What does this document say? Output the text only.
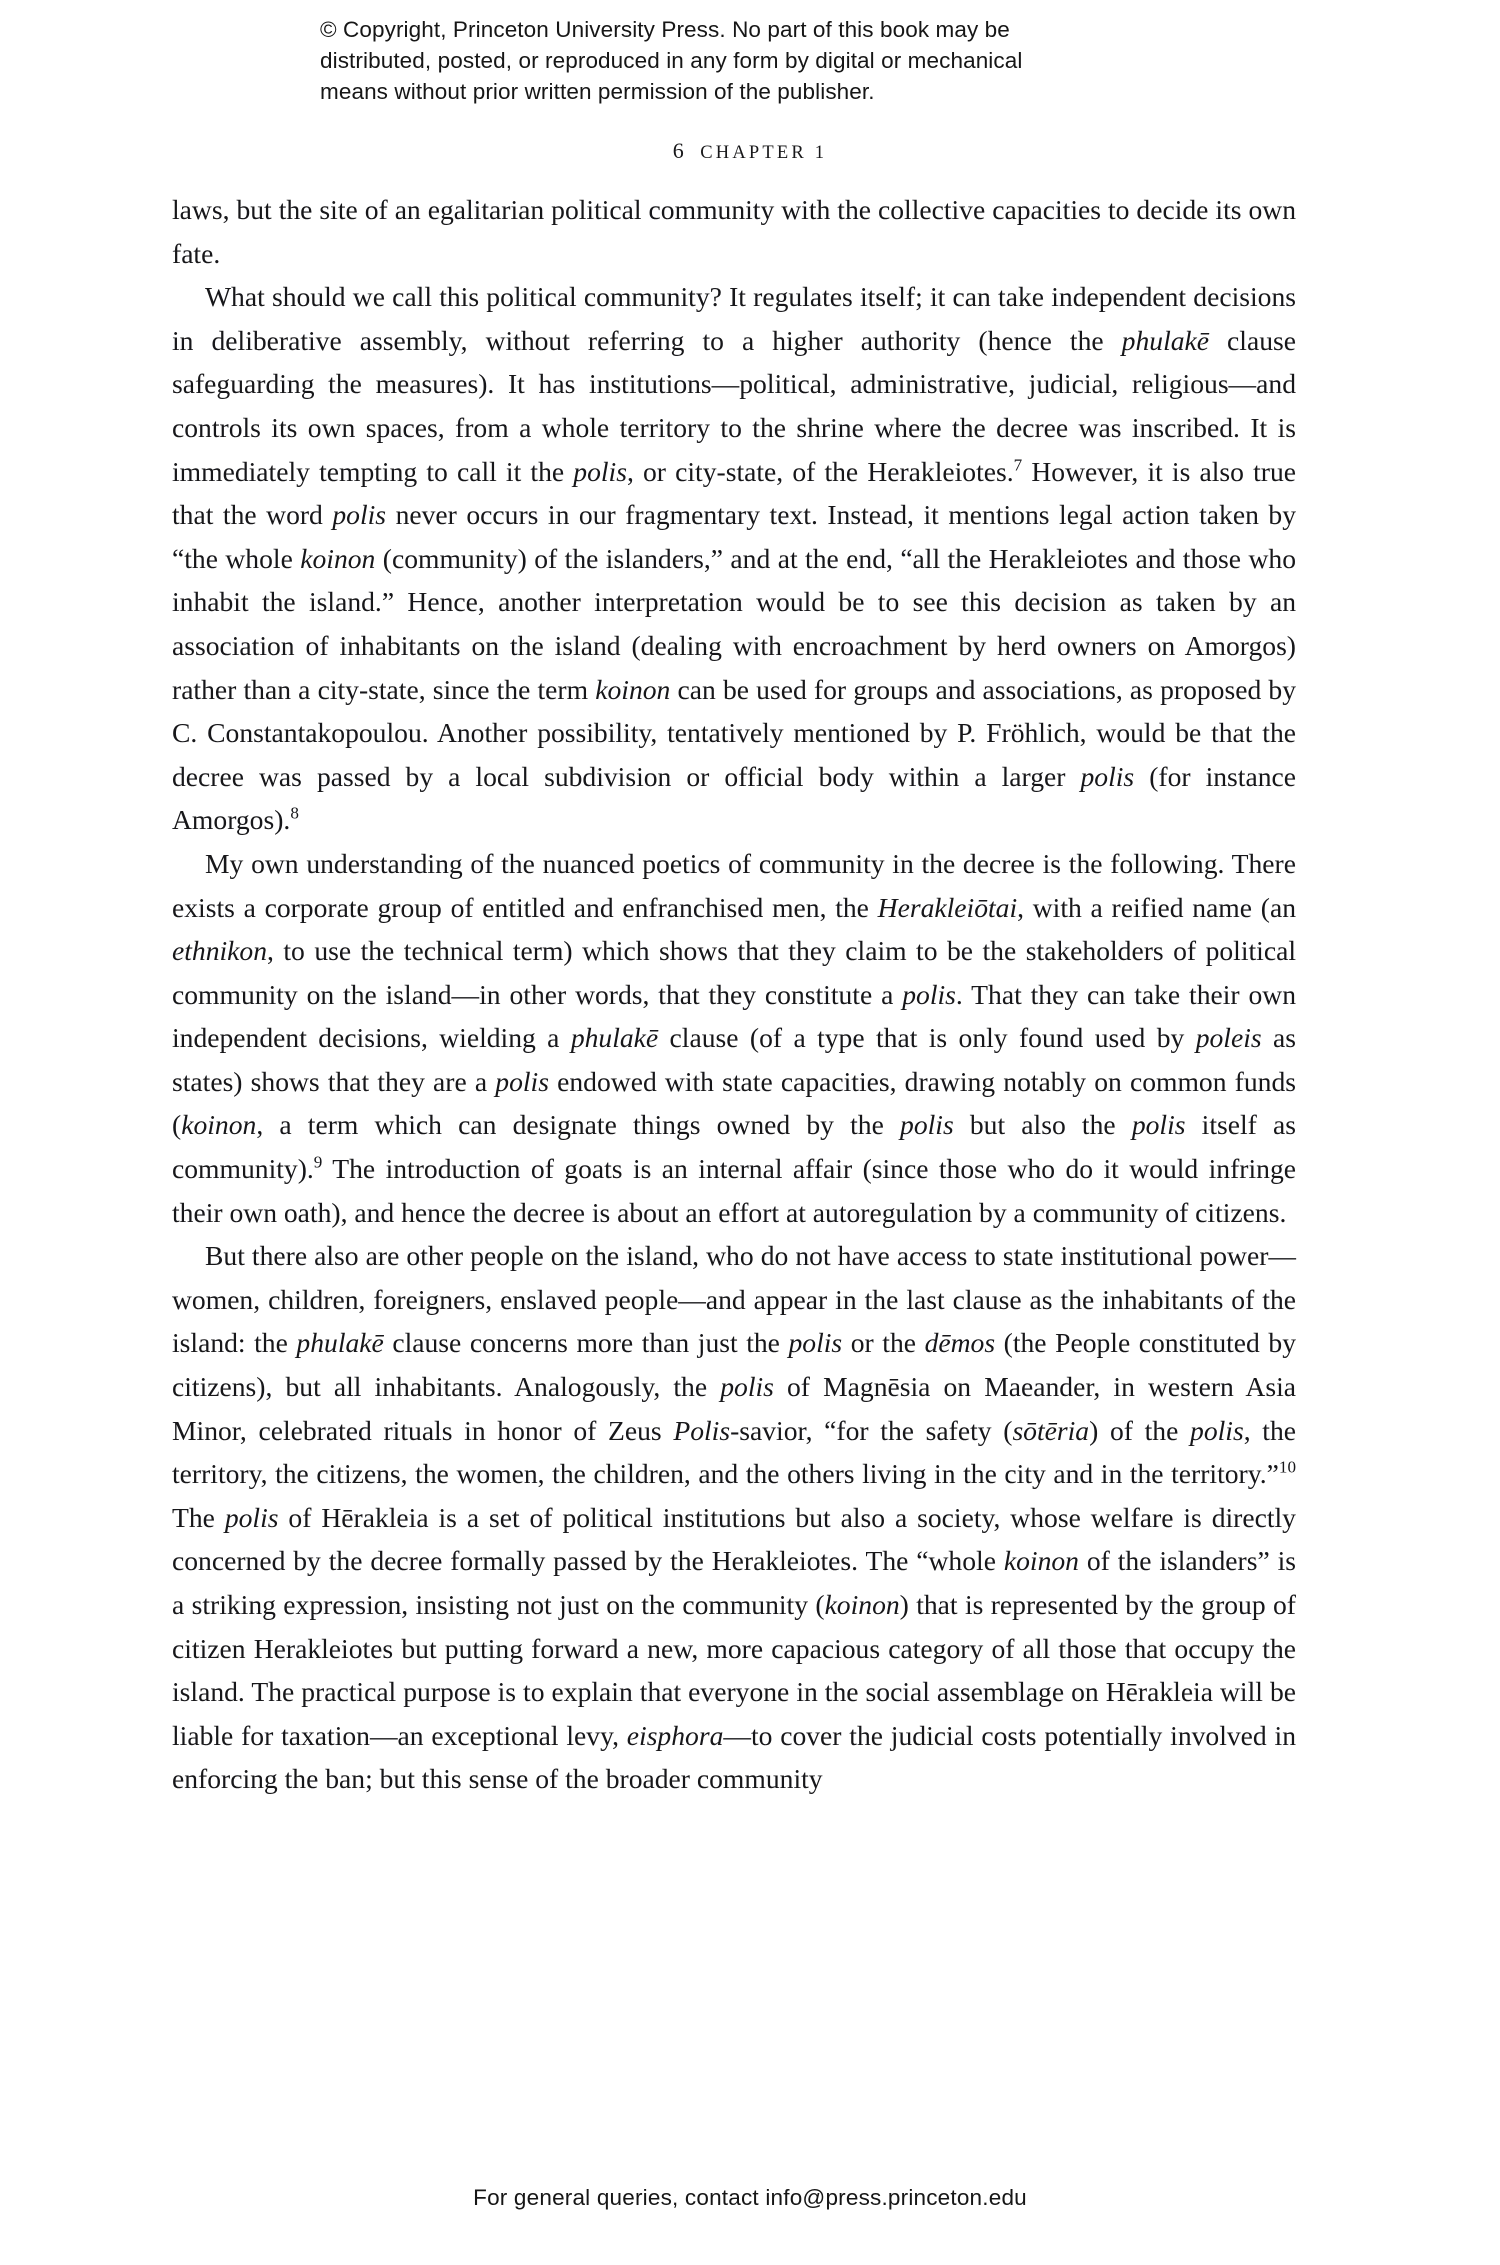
© Copyright, Princeton University Press. No part of this book may be
distributed, posted, or reproduced in any form by digital or mechanical
means without prior written permission of the publisher.
6 CHAPTER 1

laws, but the site of an egalitarian political community with the collective capacities to decide its own fate.

What should we call this political community? It regulates itself; it can take independent decisions in deliberative assembly, without referring to a higher authority (hence the phulakē clause safeguarding the measures). It has institutions—political, administrative, judicial, religious—and controls its own spaces, from a whole territory to the shrine where the decree was inscribed. It is immediately tempting to call it the polis, or city-state, of the Herakleiotes.$^7$ However, it is also true that the word polis never occurs in our fragmentary text. Instead, it mentions legal action taken by “the whole koinon (community) of the islanders,” and at the end, “all the Herakleiotes and those who inhabit the island.” Hence, another interpretation would be to see this decision as taken by an association of inhabitants on the island (dealing with encroachment by herd owners on Amorgos) rather than a city-state, since the term koinon can be used for groups and associations, as proposed by C. Constantakopoulou. Another possibility, tentatively mentioned by P. Fröhlich, would be that the decree was passed by a local subdivision or official body within a larger polis (for instance Amorgos).$^8$

My own understanding of the nuanced poetics of community in the decree is the following. There exists a corporate group of entitled and enfranchised men, the Herakleiōtai, with a reified name (an ethnikon, to use the technical term) which shows that they claim to be the stakeholders of political community on the island—in other words, that they constitute a polis. That they can take their own independent decisions, wielding a phulakē clause (of a type that is only found used by poleis as states) shows that they are a polis endowed with state capacities, drawing notably on common funds (koinon, a term which can designate things owned by the polis but also the polis itself as community).$^9$ The introduction of goats is an internal affair (since those who do it would infringe their own oath), and hence the decree is about an effort at autoregulation by a community of citizens.

But there also are other people on the island, who do not have access to state institutional power—women, children, foreigners, enslaved people—and appear in the last clause as the inhabitants of the island: the phulakē clause concerns more than just the polis or the dēmos (the People constituted by citizens), but all inhabitants. Analogously, the polis of Magnēsia on Maeander, in western Asia Minor, celebrated rituals in honor of Zeus Polis-savior, “for the safety (sōtēria) of the polis, the territory, the citizens, the women, the children, and the others living in the city and in the territory.”$^{10}$ The polis of Hērakleia is a set of political institutions but also a society, whose welfare is directly concerned by the decree formally passed by the Herakleiotes. The “whole koinon of the islanders” is a striking expression, insisting not just on the community (koinon) that is represented by the group of citizen Herakleiotes but putting forward a new, more capacious category of all those that occupy the island. The practical purpose is to explain that everyone in the social assemblage on Hērakleia will be liable for taxation—an exceptional levy, eisphora—to cover the judicial costs potentially involved in enforcing the ban; but this sense of the broader community

For general queries, contact info@press.princeton.edu
